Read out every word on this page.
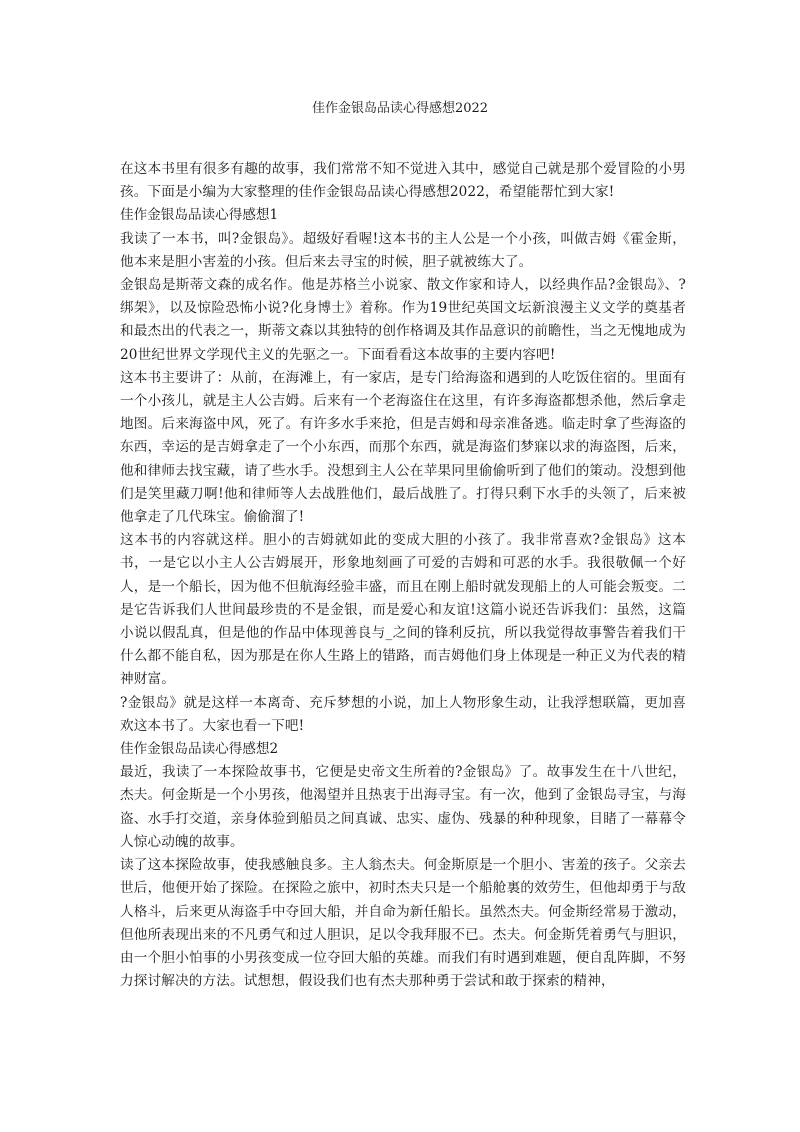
佳作金银岛品读心得感想2022

在这本书里有很多有趣的故事，我们常常不知不觉进入其中，感觉自己就是那个爱冒险的小男孩。下面是小编为大家整理的佳作金银岛品读心得感想2022，希望能帮忙到大家!

佳作金银岛品读心得感想1

我读了一本书，叫?金银岛》。超级好看喔!这本书的主人公是一个小孩，叫做吉姆《霍金斯，他本来是胆小害羞的小孩。但后来去寻宝的时候，胆子就被练大了。

金银岛是斯蒂文森的成名作。他是苏格兰小说家、散文作家和诗人，以经典作品?金银岛》、?绑架》，以及惊险恐怖小说?化身博士》着称。作为19世纪英国文坛新浪漫主义文学的奠基者和最杰出的代表之一，斯蒂文森以其独特的创作格调及其作品意识的前瞻性，当之无愧地成为20世纪世界文学现代主义的先驱之一。下面看看这本故事的主要内容吧!

这本书主要讲了：从前，在海滩上，有一家店，是专门给海盗和遇到的人吃饭住宿的。里面有一个小孩儿，就是主人公吉姆。后来有一个老海盗住在这里，有许多海盗都想杀他，然后拿走地图。后来海盗中风，死了。有许多水手来抢，但是吉姆和母亲准备逃。临走时拿了些海盗的东西，幸运的是吉姆拿走了一个小东西，而那个东西，就是海盗们梦寐以求的海盗图，后来，他和律师去找宝藏，请了些水手。没想到主人公在苹果冋里偷偷听到了他们的策动。没想到他们是笑里藏刀啊!他和律师等人去战胜他们，最后战胜了。打得只剩下水手的头领了，后来被他拿走了几代珠宝。偷偷溜了!

这本书的内容就这样。胆小的吉姆就如此的变成大胆的小孩了。我非常喜欢?金银岛》这本书，一是它以小主人公吉姆展开，形象地刻画了可爱的吉姆和可恶的水手。我很敬佩一个好人，是一个船长，因为他不但航海经验丰盛，而且在刚上船时就发现船上的人可能会叛变。二是它告诉我们人世间最珍贵的不是金银，而是爱心和友谊!这篇小说还告诉我们：虽然，这篇小说以假乱真，但是他的作品中体现善良与_之间的锋利反抗，所以我觉得故事警告着我们干什么都不能自私，因为那是在你人生路上的错路，而吉姆他们身上体现是一种正义为代表的精神财富。

?金银岛》就是这样一本离奇、充斥梦想的小说，加上人物形象生动，让我浮想联篇，更加喜欢这本书了。大家也看一下吧!

佳作金银岛品读心得感想2

最近，我读了一本探险故事书，它便是史帝文生所着的?金银岛》了。故事发生在十八世纪，杰夫。何金斯是一个小男孩，他渴望并且热衷于出海寻宝。有一次，他到了金银岛寻宝，与海盗、水手打交道，亲身体验到船员之间真诚、忠实、虚伪、残暴的种种现象，目睹了一幕幕令人惊心动魄的故事。

读了这本探险故事，使我感触良多。主人翁杰夫。何金斯原是一个胆小、害羞的孩子。父亲去世后，他便开始了探险。在探险之旅中，初时杰夫只是一个船舱裏的效劳生，但他却勇于与敌人格斗，后来更从海盗手中夺回大船，并自命为新任船长。虽然杰夫。何金斯经常易于激动，但他所表现出来的不凡勇气和过人胆识，足以令我拜服不已。杰夫。何金斯凭着勇气与胆识，由一个胆小怕事的小男孩变成一位夺回大船的英雄。而我们有时遇到难题，便自乱阵脚，不努力探讨解决的方法。试想想，假设我们也有杰夫那种勇于尝试和敢于探索的精神，
